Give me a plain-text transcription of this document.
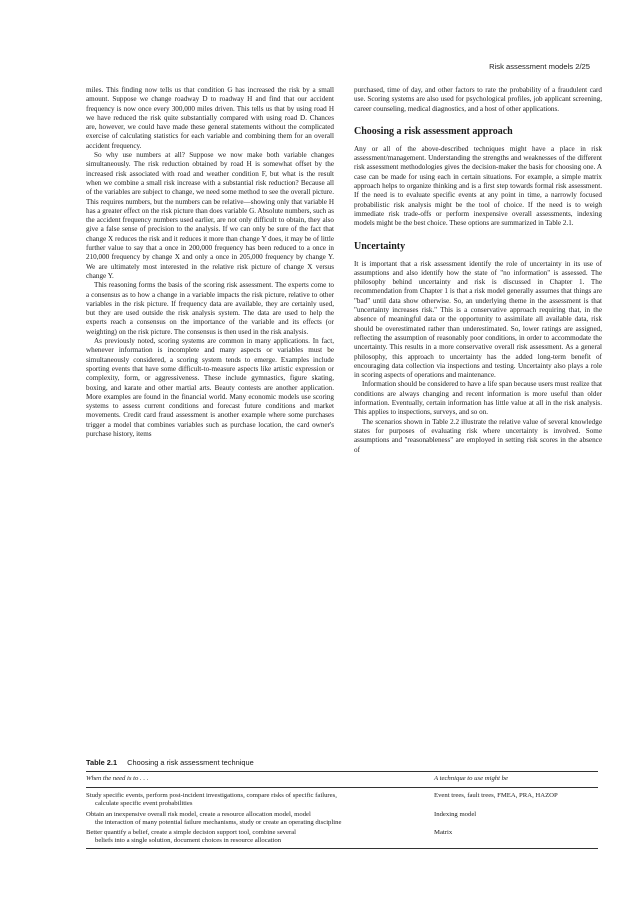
Risk assessment models 2/25

miles. This finding now tells us that condition G has increased the risk by a small amount. Suppose we change roadway D to roadway H and find that our accident frequency is now once every 300,000 miles driven. This tells us that by using road H we have reduced the risk quite substantially compared with using road D. Chances are, however, we could have made these general statements without the complicated exercise of calculating statistics for each variable and combining them for an overall accident frequency.

So why use numbers at all? Suppose we now make both variable changes simultaneously. The risk reduction obtained by road H is somewhat offset by the increased risk associated with road and weather condition F, but what is the result when we combine a small risk increase with a substantial risk reduction? Because all of the variables are subject to change, we need some method to see the overall picture. This requires numbers, but the numbers can be relative—showing only that variable H has a greater effect on the risk picture than does variable G. Absolute numbers, such as the accident frequency numbers used earlier, are not only difficult to obtain, they also give a false sense of precision to the analysis. If we can only be sure of the fact that change X reduces the risk and it reduces it more than change Y does, it may be of little further value to say that a once in 200,000 frequency has been reduced to a once in 210,000 frequency by change X and only a once in 205,000 frequency by change Y. We are ultimately most interested in the relative risk picture of change X versus change Y.

This reasoning forms the basis of the scoring risk assessment. The experts come to a consensus as to how a change in a variable impacts the risk picture, relative to other variables in the risk picture. If frequency data are available, they are certainly used, but they are used outside the risk analysis system. The data are used to help the experts reach a consensus on the importance of the variable and its effects (or weighting) on the risk picture. The consensus is then used in the risk analysis.

As previously noted, scoring systems are common in many applications. In fact, whenever information is incomplete and many aspects or variables must be simultaneously considered, a scoring system tends to emerge. Examples include sporting events that have some difficult-to-measure aspects like artistic expression or complexity, form, or aggressiveness. These include gymnastics, figure skating, boxing, and karate and other martial arts. Beauty contests are another application. More examples are found in the financial world. Many economic models use scoring systems to assess current conditions and forecast future conditions and market movements. Credit card fraud assessment is another example where some purchases trigger a model that combines variables such as purchase location, the card owner's purchase history, items

purchased, time of day, and other factors to rate the probability of a fraudulent card use. Scoring systems are also used for psychological profiles, job applicant screening, career counseling, medical diagnostics, and a host of other applications.

Choosing a risk assessment approach

Any or all of the above-described techniques might have a place in risk assessment/management. Understanding the strengths and weaknesses of the different risk assessment methodologies gives the decision-maker the basis for choosing one. A case can be made for using each in certain situations. For example, a simple matrix approach helps to organize thinking and is a first step towards formal risk assessment. If the need is to evaluate specific events at any point in time, a narrowly focused probabilistic risk analysis might be the tool of choice. If the need is to weigh immediate risk trade-offs or perform inexpensive overall assessments, indexing models might be the best choice. These options are summarized in Table 2.1.

Uncertainty

It is important that a risk assessment identify the role of uncertainty in its use of assumptions and also identify how the state of "no information" is assessed. The philosophy behind uncertainty and risk is discussed in Chapter 1. The recommendation from Chapter 1 is that a risk model generally assumes that things are "bad" until data show otherwise. So, an underlying theme in the assessment is that "uncertainty increases risk." This is a conservative approach requiring that, in the absence of meaningful data or the opportunity to assimilate all available data, risk should be overestimated rather than underestimated. So, lower ratings are assigned, reflecting the assumption of reasonably poor conditions, in order to accommodate the uncertainty. This results in a more conservative overall risk assessment. As a general philosophy, this approach to uncertainty has the added long-term benefit of encouraging data collection via inspections and testing. Uncertainty also plays a role in scoring aspects of operations and maintenance.

Information should be considered to have a life span because users must realize that conditions are always changing and recent information is more useful than older information. Eventually, certain information has little value at all in the risk analysis. This applies to inspections, surveys, and so on.

The scenarios shown in Table 2.2 illustrate the relative value of several knowledge states for purposes of evaluating risk where uncertainty is involved. Some assumptions and "reasonableness" are employed in setting risk scores in the absence of

Table 2.1 Choosing a risk assessment technique
When the need is to . . .	A technique to use might be
Study specific events, perform post-incident investigations, compare risks of specific failures,
calculate specific event probabilities
Event trees, fault trees, FMEA, PRA, HAZOP
Obtain an inexpensive overall risk model, create a resource allocation model, model
the interaction of many potential failure mechanisms, study or create an operating discipline
Indexing model
Better quantify a belief, create a simple decision support tool, combine several
beliefs into a single solution, document choices in resource allocation
Matrix
